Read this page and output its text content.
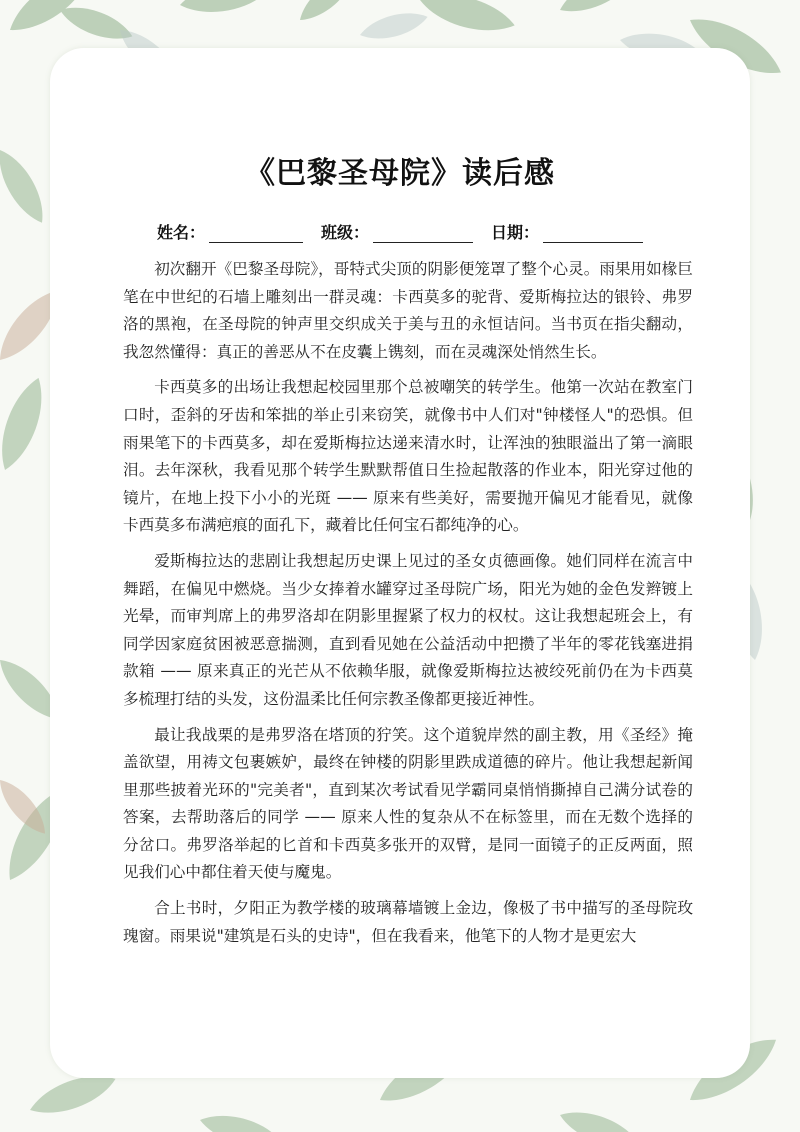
《巴黎圣母院》读后感
姓名：	班级：	日期：

初次翻开《巴黎圣母院》，哥特式尖顶的阴影便笼罩了整个心灵。雨果用如椽巨笔在中世纪的石墙上雕刻出一群灵魂：卡西莫多的驼背、爱斯梅拉达的银铃、弗罗洛的黑袍，在圣母院的钟声里交织成关于美与丑的永恒诘问。当书页在指尖翻动，我忽然懂得：真正的善恶从不在皮囊上镌刻，而在灵魂深处悄然生长。

卡西莫多的出场让我想起校园里那个总被嘲笑的转学生。他第一次站在教室门口时，歪斜的牙齿和笨拙的举止引来窃笑，就像书中人们对"钟楼怪人"的恐惧。但雨果笔下的卡西莫多，却在爱斯梅拉达递来清水时，让浑浊的独眼溢出了第一滴眼泪。去年深秋，我看见那个转学生默默帮值日生捡起散落的作业本，阳光穿过他的镜片，在地上投下小小的光斑 —— 原来有些美好，需要抛开偏见才能看见，就像卡西莫多布满疤痕的面孔下，藏着比任何宝石都纯净的心。

爱斯梅拉达的悲剧让我想起历史课上见过的圣女贞德画像。她们同样在流言中舞蹈，在偏见中燃烧。当少女捧着水罐穿过圣母院广场，阳光为她的金色发辫镀上光晕，而审判席上的弗罗洛却在阴影里握紧了权力的权杖。这让我想起班会上，有同学因家庭贫困被恶意揣测，直到看见她在公益活动中把攒了半年的零花钱塞进捐款箱 —— 原来真正的光芒从不依赖华服，就像爱斯梅拉达被绞死前仍在为卡西莫多梳理打结的头发，这份温柔比任何宗教圣像都更接近神性。

最让我战栗的是弗罗洛在塔顶的狞笑。这个道貌岸然的副主教，用《圣经》掩盖欲望，用祷文包裹嫉妒，最终在钟楼的阴影里跌成道德的碎片。他让我想起新闻里那些披着光环的"完美者"，直到某次考试看见学霸同桌悄悄撕掉自己满分试卷的答案，去帮助落后的同学 —— 原来人性的复杂从不在标签里，而在无数个选择的分岔口。弗罗洛举起的匕首和卡西莫多张开的双臂，是同一面镜子的正反两面，照见我们心中都住着天使与魔鬼。

合上书时，夕阳正为教学楼的玻璃幕墙镀上金边，像极了书中描写的圣母院玫瑰窗。雨果说"建筑是石头的史诗"，但在我看来，他笔下的人物才是更宏大
